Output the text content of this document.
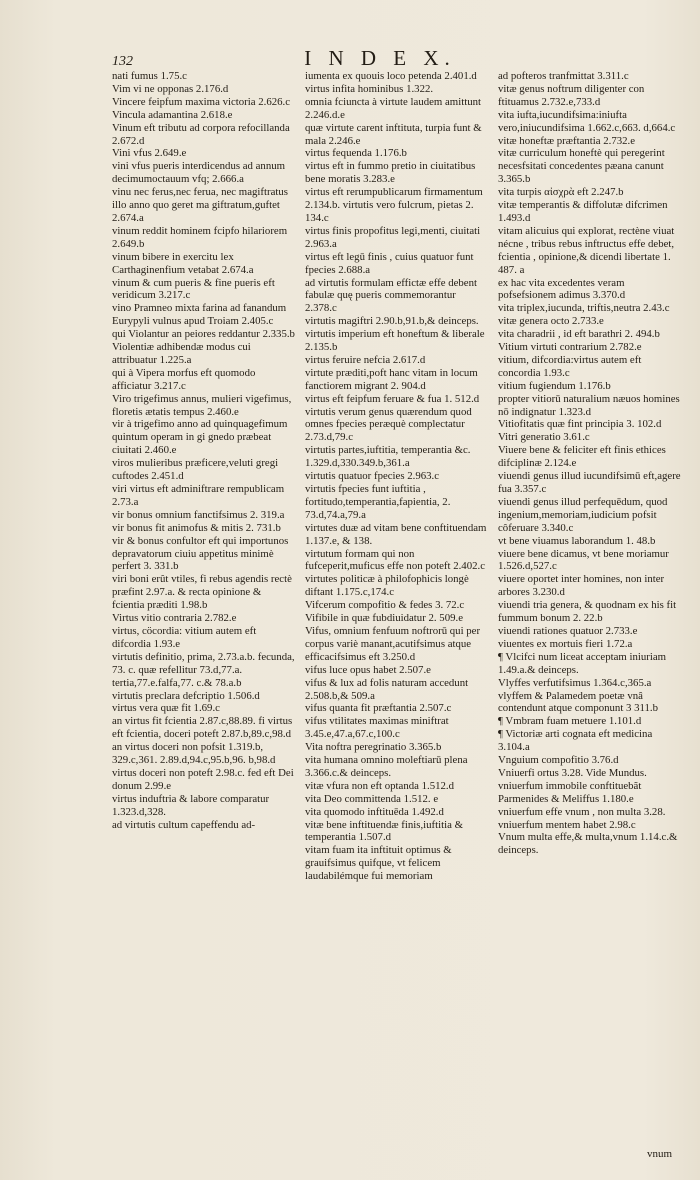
132	I N D E X.

nati fumus 1.75.c

Vim vi ne opponas 2.176.d

Vincere feipfum maxima victoria 2.626.c

Vincula adamantina 2.618.e

Vinum eft tributu ad corpora refocillanda 2.672.d

Vini vfus 2.649.e

vini vfus pueris interdicendus ad annum decimumoctauum vfq; 2.666.a

vinu nec ferus,nec ferua, nec magiftratus illo anno quo geret ma giftratum,guftet 2.674.a

vinum reddit hominem fcipfo hilariorem 2.649.b

vinum bibere in exercitu lex Carthaginenfium vetabat 2.674.a

vinum & cum pueris & fine pueris eft veridicum 3.217.c

vino Pramneo mixta farina ad fanandum Eurypyli vulnus apud Troiam 2.405.c

qui Violantur an peiores reddantur 2.335.b

Violentiæ adhibendæ modus cui attribuatur 1.225.a

qui à Vipera morfus eft quomodo afficiatur 3.217.c

Viro trigefimus annus, mulieri vigefimus, floretis ætatis tempus 2.460.e

vir à trigefimo anno ad quinquagefimum quintum operam in gi gnedo præbeat ciuitati 2.460.e

viros mulieribus præficere,veluti gregi cuftodes 2.451.d

viri virtus eft adminiftrare rempublicam 2.73.a

vir bonus omnium fanctifsimus 2. 319.a

vir bonus fit animofus & mitis 2. 731.b

vir & bonus confultor eft qui importunos depravatorum ciuiu appetitus minimè perfert 3. 331.b

viri boni erût vtiles, fi rebus agendis rectè præfint 2.97.a. & recta opinione & fcientia præditi 1.98.b

Virtus vitio contraria 2.782.e

virtus, cöcordia: vitium autem eft difcordia 1.93.e

virtutis definitio, prima, 2.73.a.b. fecunda, 73. c. quæ refellitur 73.d,77.a. tertia,77.e.falfa,77. c.& 78.a.b

virtutis preclara defcriptio 1.506.d

virtus vera quæ fit 1.69.c

an virtus fit fcientia 2.87.c,88.89. fi virtus eft fcientia, doceri poteft 2.87.b,89.c,98.d

an virtus doceri non pofsit 1.319.b, 329.c,361. 2.89.d,94.c,95.b,96. b,98.d

virtus doceri non poteft 2.98.c. fed eft Dei donum 2.99.e

virtus induftria & labore comparatur 1.323.d,328.

ad virtutis cultum capeffendu ad-

iumenta ex quouis loco petenda 2.401.d

virtus infita hominibus 1.322.

omnia fciuncta à virtute laudem amittunt 2.246.d.e

quæ virtute carent inftituta, turpia funt & mala 2.246.e

virtus fequenda 1.176.b

virtus eft in fummo pretio in ciuitatibus bene moratis 3.283.e

virtus eft rerumpublicarum firmamentum 2.134.b. virtutis vero fulcrum, pietas 2. 134.c

virtus finis propofitus legi,menti, ciuitati 2.963.a

virtus eft legū finis , cuius quatuor funt fpecies 2.688.a

ad virtutis formulam effictæ effe debent fabulæ quę pueris commemorantur 2.378.c

virtutis magiftri 2.90.b,91.b,& deinceps.

virtutis imperium eft honeftum & liberale 2.135.b

virtus feruire nefcia 2.617.d

virtute præditi,poft hanc vitam in locum fanctiorem migrant 2. 904.d

virtus eft feipfum feruare & fua 1. 512.d

virtutis verum genus quærendum quod omnes fpecies peræquè complectatur 2.73.d,79.c

virtutis partes,iuftitia, temperantia &c. 1.329.d,330.349.b,361.a

virtutis quatuor fpecies 2.963.c

virtutis fpecies funt iuftitia , fortitudo,temperantia,fapientia, 2. 73.d,74.a,79.a

virtutes duæ ad vitam bene conftituendam 1.137.e, & 138.

virtutum formam qui non fufceperit,muficus effe non poteft 2.402.c

virtutes politicæ à philofophicis longè diftant 1.175.c,174.c

Vifcerum compofitio & fedes 3. 72.c

Vifibile in quæ fubdiuidatur 2. 509.e

Vifus, omnium fenfuum noftrorū qui per corpus variè manant,acutifsimus atque efficacifsimus eft 3.250.d

vifus luce opus habet 2.507.e

vifus & lux ad folis naturam accedunt 2.508.b,& 509.a

vifus quanta fit præftantia 2.507.c

vifus vtilitates maximas miniftrat 3.45.e,47.a,67.c,100.c

Vita noftra peregrinatio 3.365.b

vita humana omnino moleftiarū plena 3.366.c.& deinceps.

vitæ vfura non eft optanda 1.512.d

vita Deo committenda 1.512. e

vita quomodo inftituēda 1.492.d

vitæ bene inftituendæ finis,iuftitia & temperantia 1.507.d

vitam fuam ita inftituit optimus & grauifsimus quifque, vt felicem laudabilémque fui memoriam

ad pofteros tranfmittat 3.311.c

vitæ genus noftrum diligenter con ftituamus 2.732.e,733.d

vita iufta,iucundifsima:iniufta vero,iniucundifsima 1.662.c,663. d,664.c

vitæ honeftæ præftantia 2.732.e

vitæ curriculum honeftè qui peregerint necesfsitati concedentes pæana canunt 3.365.b

vita turpis αἰσχρὰ eft 2.247.b

vitæ temperantis & diffolutæ difcrimen 1.493.d

vitam alicuius qui explorat, rectène viuat nécne , tribus rebus inftructus effe debet, fcientia , opinione,& dicendi libertate 1. 487. a

ex hac vita excedentes veram pofsefsionem adimus 3.370.d

vita triplex,iucunda, triftis,neutra 2.43.c

vitæ genera octo 2.733.e

vita charadrii , id eft barathri 2. 494.b

Vitium virtuti contrarium 2.782.e

vitium, difcordia:virtus autem eft concordia 1.93.c

vitium fugiendum 1.176.b

propter vitiorū naturalium næuos homines nō indignatur 1.323.d

Vitiofitatis quæ fint principia 3. 102.d

Vitri generatio 3.61.c

Viuere bene & feliciter eft finis ethices difciplinæ 2.124.e

viuendi genus illud iucundifsimū eft,agere fua 3.357.c

viuendi genus illud perfequēdum, quod ingenium,memoriam,iudicium pofsit côferuare 3.340.c

vt bene viuamus laborandum 1. 48.b

viuere bene dicamus, vt bene moriamur 1.526.d,527.c

viuere oportet inter homines, non inter arbores 3.230.d

viuendi tria genera, & quodnam ex his fit fummum bonum 2. 22.b

viuendi rationes quatuor 2.733.e

viuentes ex mortuis fieri 1.72.a

¶ Vlcifci num liceat acceptam iniuriam 1.49.a.& deinceps.

Vlyffes verfutifsimus 1.364.c,365.a

vlyffem & Palamedem poetæ vnâ contendunt atque componunt 3 311.b

¶ Vmbram fuam metuere 1.101.d

¶ Victoriæ arti cognata eft medicina 3.104.a

Vnguium compofitio 3.76.d

Vniuerfi ortus 3.28. Vide Mundus.

vniuerfum immobile conftituebãt Parmenides & Meliffus 1.180.e

vniuerfum effe vnum , non multa 3.28.

vniuerfum mentem habet 2.98.c

Vnum multa effe,& multa,vnum 1.14.c.& deinceps.

vnum
